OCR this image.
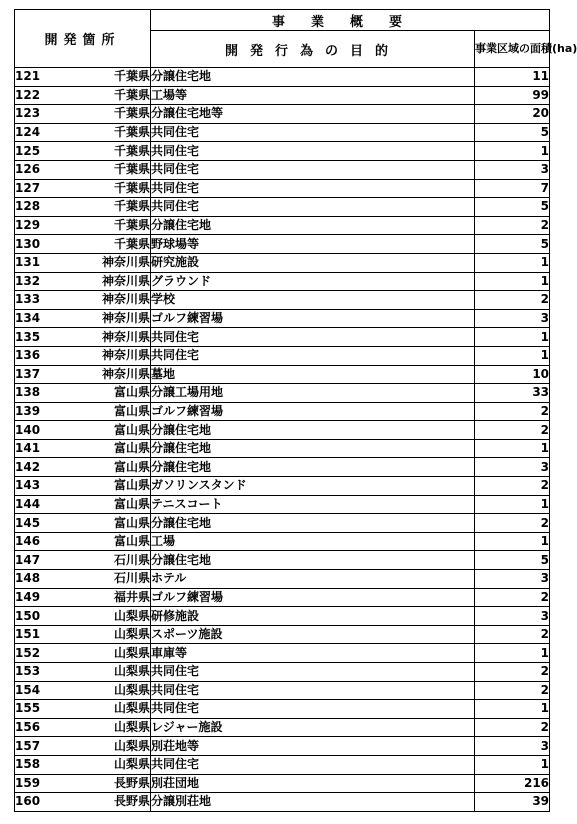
開発箇所		事業概要	
		開発行為の目的	事業区域の面積(ha)
121	千葉県	分譲住宅地	11
122	千葉県	工場等	99
123	千葉県	分譲住宅地等	20
124	千葉県	共同住宅	5
125	千葉県	共同住宅	1
126	千葉県	共同住宅	3
127	千葉県	共同住宅	7
128	千葉県	共同住宅	5
129	千葉県	分譲住宅地	2
130	千葉県	野球場等	5
131	神奈川県	研究施設	1
132	神奈川県	グラウンド	1
133	神奈川県	学校	2
134	神奈川県	ゴルフ練習場	3
135	神奈川県	共同住宅	1
136	神奈川県	共同住宅	1
137	神奈川県	墓地	10
138	富山県	分譲工場用地	33
139	富山県	ゴルフ練習場	2
140	富山県	分譲住宅地	2
141	富山県	分譲住宅地	1
142	富山県	分譲住宅地	3
143	富山県	ガソリンスタンド	2
144	富山県	テニスコート	1
145	富山県	分譲住宅地	2
146	富山県	工場	1
147	石川県	分譲住宅地	5
148	石川県	ホテル	3
149	福井県	ゴルフ練習場	2
150	山梨県	研修施設	3
151	山梨県	スポーツ施設	2
152	山梨県	車庫等	1
153	山梨県	共同住宅	2
154	山梨県	共同住宅	2
155	山梨県	共同住宅	1
156	山梨県	レジャー施設	2
157	山梨県	別荘地等	3
158	山梨県	共同住宅	1
159	長野県	別荘団地	216
160	長野県	分譲別荘地	39
